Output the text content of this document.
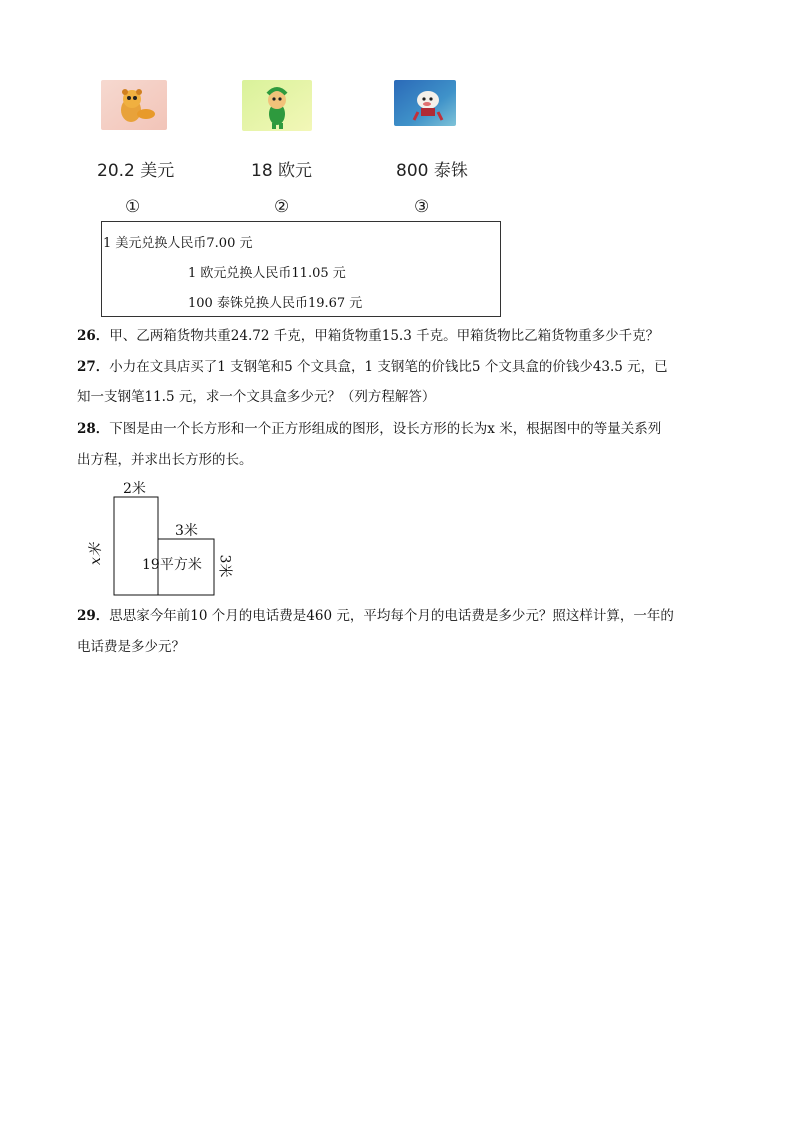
20.2 美元	18 欧元	800 泰铢
①	②	③
1 美元兑换人民币7.00 元
1 欧元兑换人民币11.05 元
100 泰铢兑换人民币19.67 元
26．甲、乙两箱货物共重24.72 千克，甲箱货物重15.3 千克。甲箱货物比乙箱货物重多少千克？
27．小力在文具店买了1 支钢笔和5 个文具盒，1 支钢笔的价钱比5 个文具盒的价钱少43.5 元，已
知一支钢笔11.5 元，求一个文具盒多少元？（列方程解答）
28．下图是由一个长方形和一个正方形组成的图形，设长方形的长为x 米，根据图中的等量关系列
出方程，并求出长方形的长。
2米
3米
x米
3米
19平方米
29．思思家今年前10 个月的电话费是460 元，平均每个月的电话费是多少元？照这样计算，一年的
电话费是多少元？
